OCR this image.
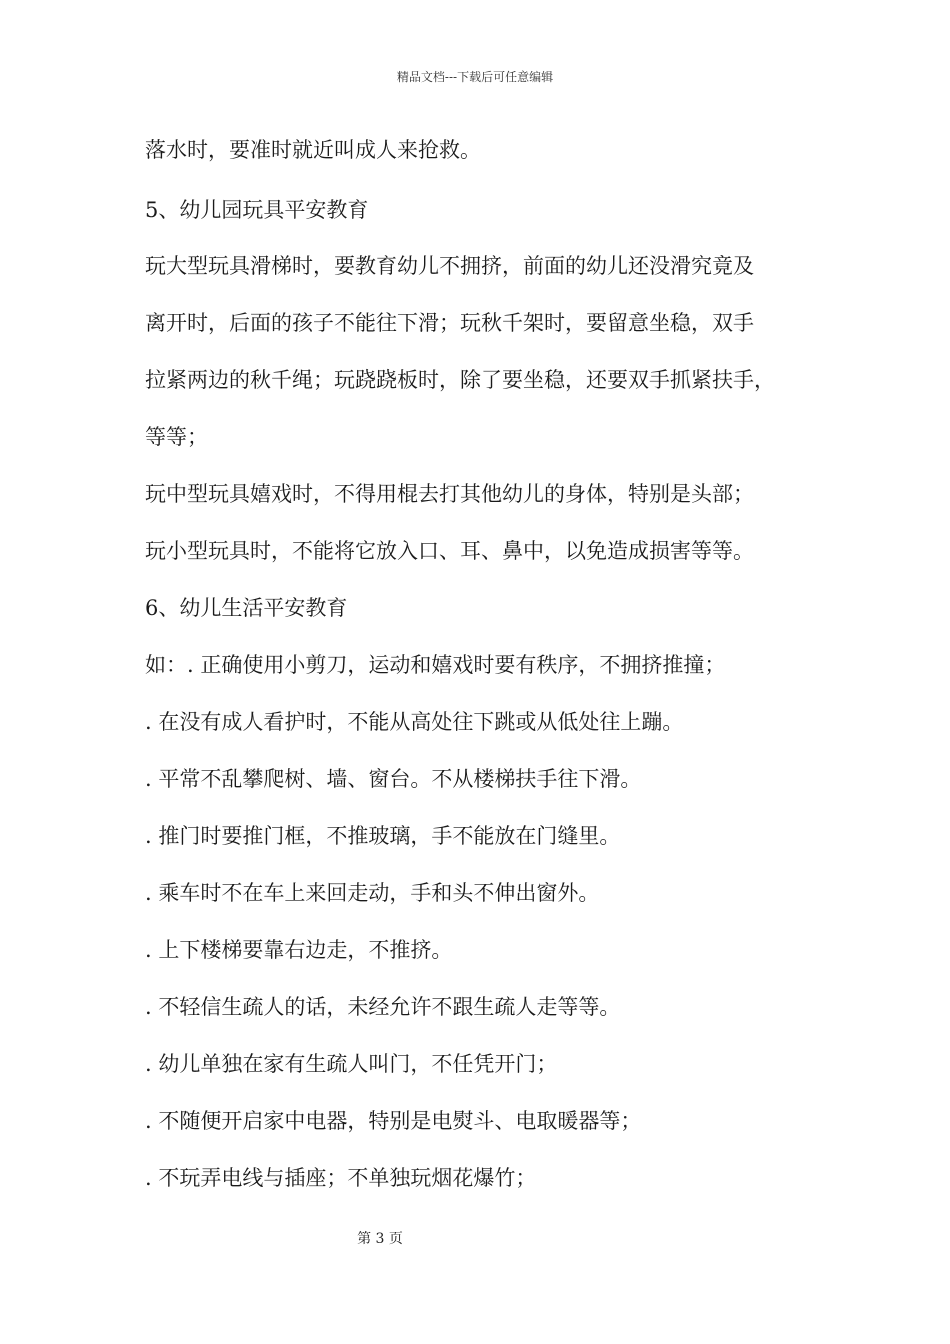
精品文档---下载后可任意编辑
落水时，要准时就近叫成人来抢救。
5、幼儿园玩具平安教育
玩大型玩具滑梯时，要教育幼儿不拥挤，前面的幼儿还没滑究竟及
离开时，后面的孩子不能往下滑；玩秋千架时，要留意坐稳，双手
拉紧两边的秋千绳；玩跷跷板时，除了要坐稳，还要双手抓紧扶手，
等等；
玩中型玩具嬉戏时，不得用棍去打其他幼儿的身体，特别是头部；
玩小型玩具时，不能将它放入口、耳、鼻中，以免造成损害等等。
6、幼儿生活平安教育
如：. 正确使用小剪刀，运动和嬉戏时要有秩序，不拥挤推撞；
. 在没有成人看护时，不能从高处往下跳或从低处往上蹦。
. 平常不乱攀爬树、墙、窗台。不从楼梯扶手往下滑。
. 推门时要推门框，不推玻璃，手不能放在门缝里。
. 乘车时不在车上来回走动，手和头不伸出窗外。
. 上下楼梯要靠右边走，不推挤。
. 不轻信生疏人的话，未经允许不跟生疏人走等等。
. 幼儿单独在家有生疏人叫门，不任凭开门；
. 不随便开启家中电器，特别是电熨斗、电取暖器等；
. 不玩弄电线与插座；不单独玩烟花爆竹；
第 3 页
